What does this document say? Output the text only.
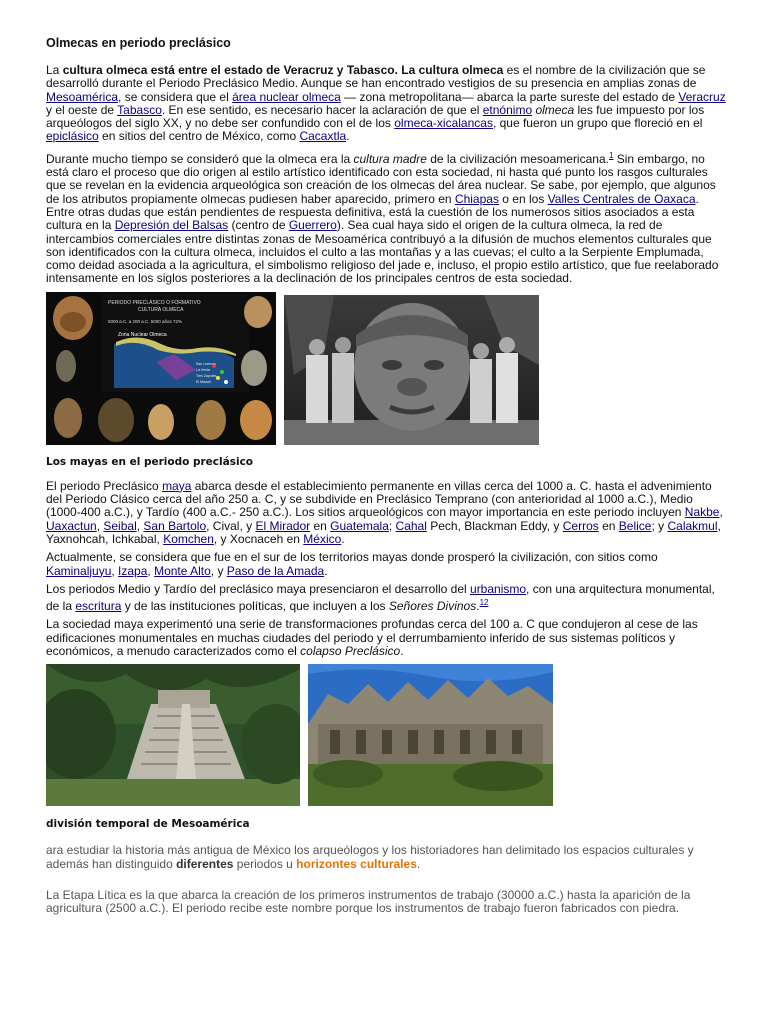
Olmecas en periodo preclásico

La cultura olmeca está entre el estado de Veracruz y Tabasco. La cultura olmeca es el nombre de la civilización que se desarrolló durante el Periodo Preclásico Medio. Aunque se han encontrado vestigios de su presencia en amplias zonas de Mesoamérica, se considera que el área nuclear olmeca — zona metropolitana— abarca la parte sureste del estado de Veracruz y el oeste de Tabasco. En ese sentido, es necesario hacer la aclaración de que el etnónimo olmeca les fue impuesto por los arqueólogos del siglo XX, y no debe ser confundido con el de los olmeca-xicalancas, que fueron un grupo que floreció en el epiclásico en sitios del centro de México, como Cacaxtla.

Durante mucho tiempo se consideró que la olmeca era la cultura madre de la civilización mesoamericana.$^1$ Sin embargo, no está claro el proceso que dio origen al estilo artístico identificado con esta sociedad, ni hasta qué punto los rasgos culturales que se revelan en la evidencia arqueológica son creación de los olmecas del área nuclear. Se sabe, por ejemplo, que algunos de los atributos propiamente olmecas pudiesen haber aparecido, primero en Chiapas o en los Valles Centrales de Oaxaca. Entre otras dudas que están pendientes de respuesta definitiva, está la cuestión de los numerosos sitios asociados a esta cultura en la Depresión del Balsas (centro de Guerrero). Sea cual haya sido el origen de la cultura olmeca, la red de intercambios comerciales entre distintas zonas de Mesoamérica contribuyó a la difusión de muchos elementos culturales que son identificados con la cultura olmeca, incluidos el culto a las montañas y a las cuevas; el culto a la Serpiente Emplumada, como deidad asociada a la agricultura, el simbolismo religioso del jade e, incluso, el propio estilo artístico, que fue reelaborado intensamente en los siglos posteriores a la declinación de los principales centros de esta sociedad.

PERIODO PRECLÁSICO O FORMATIVO
CULTURA OLMECA
5000 a.C. a 200 a.C. 5000 años 72%
Zona Nuclear Olmeca
San Lorenzo
La Venta
Tres Zapotes
El Manatí
Los mayas en el periodo preclásico

El periodo Preclásico maya abarca desde el establecimiento permanente en villas cerca del 1000 a. C. hasta el advenimiento del Periodo Clásico cerca del año 250 a. C, y se subdivide en Preclásico Temprano (con anterioridad al 1000 a.C.), Medio (1000-400 a.C.), y Tardío (400 a.C.- 250 a.C.). Los sitios arqueológicos con mayor importancia en este periodo incluyen Nakbe, Uaxactun, Seibal, San Bartolo, Cival, y El Mirador en Guatemala; Cahal Pech, Blackman Eddy, y Cerros en Belice; y Calakmul, Yaxnohcah, Ichkabal, Komchen, y Xocnaceh en México.

Actualmente, se considera que fue en el sur de los territorios mayas donde prosperó la civilización, con sitios como Kaminaljuyu, Izapa, Monte Alto, y Paso de la Amada.

Los periodos Medio y Tardío del preclásico maya presenciaron el desarrollo del urbanismo, con una arquitectura monumental, de la escritura y de las instituciones políticas, que incluyen a los Señores Divinos.$^{12}$

La sociedad maya experimentó una serie de transformaciones profundas cerca del 100 a. C que condujeron al cese de las edificaciones monumentales en muchas ciudades del periodo y el derrumbamiento inferido de sus sistemas políticos y económicos, a menudo caracterizados como el colapso Preclásico.

división temporal de Mesoamérica

ara estudiar la historia más antigua de México los arqueólogos y los historiadores han delimitado los espacios culturales y además han distinguido diferentes periodos u horizontes culturales.

La Etapa Lítica es la que abarca la creación de los primeros instrumentos de trabajo (30000 a.C.) hasta la aparición de la agricultura (2500 a.C.). El periodo recibe este nombre porque los instrumentos de trabajo fueron fabricados con piedra.
